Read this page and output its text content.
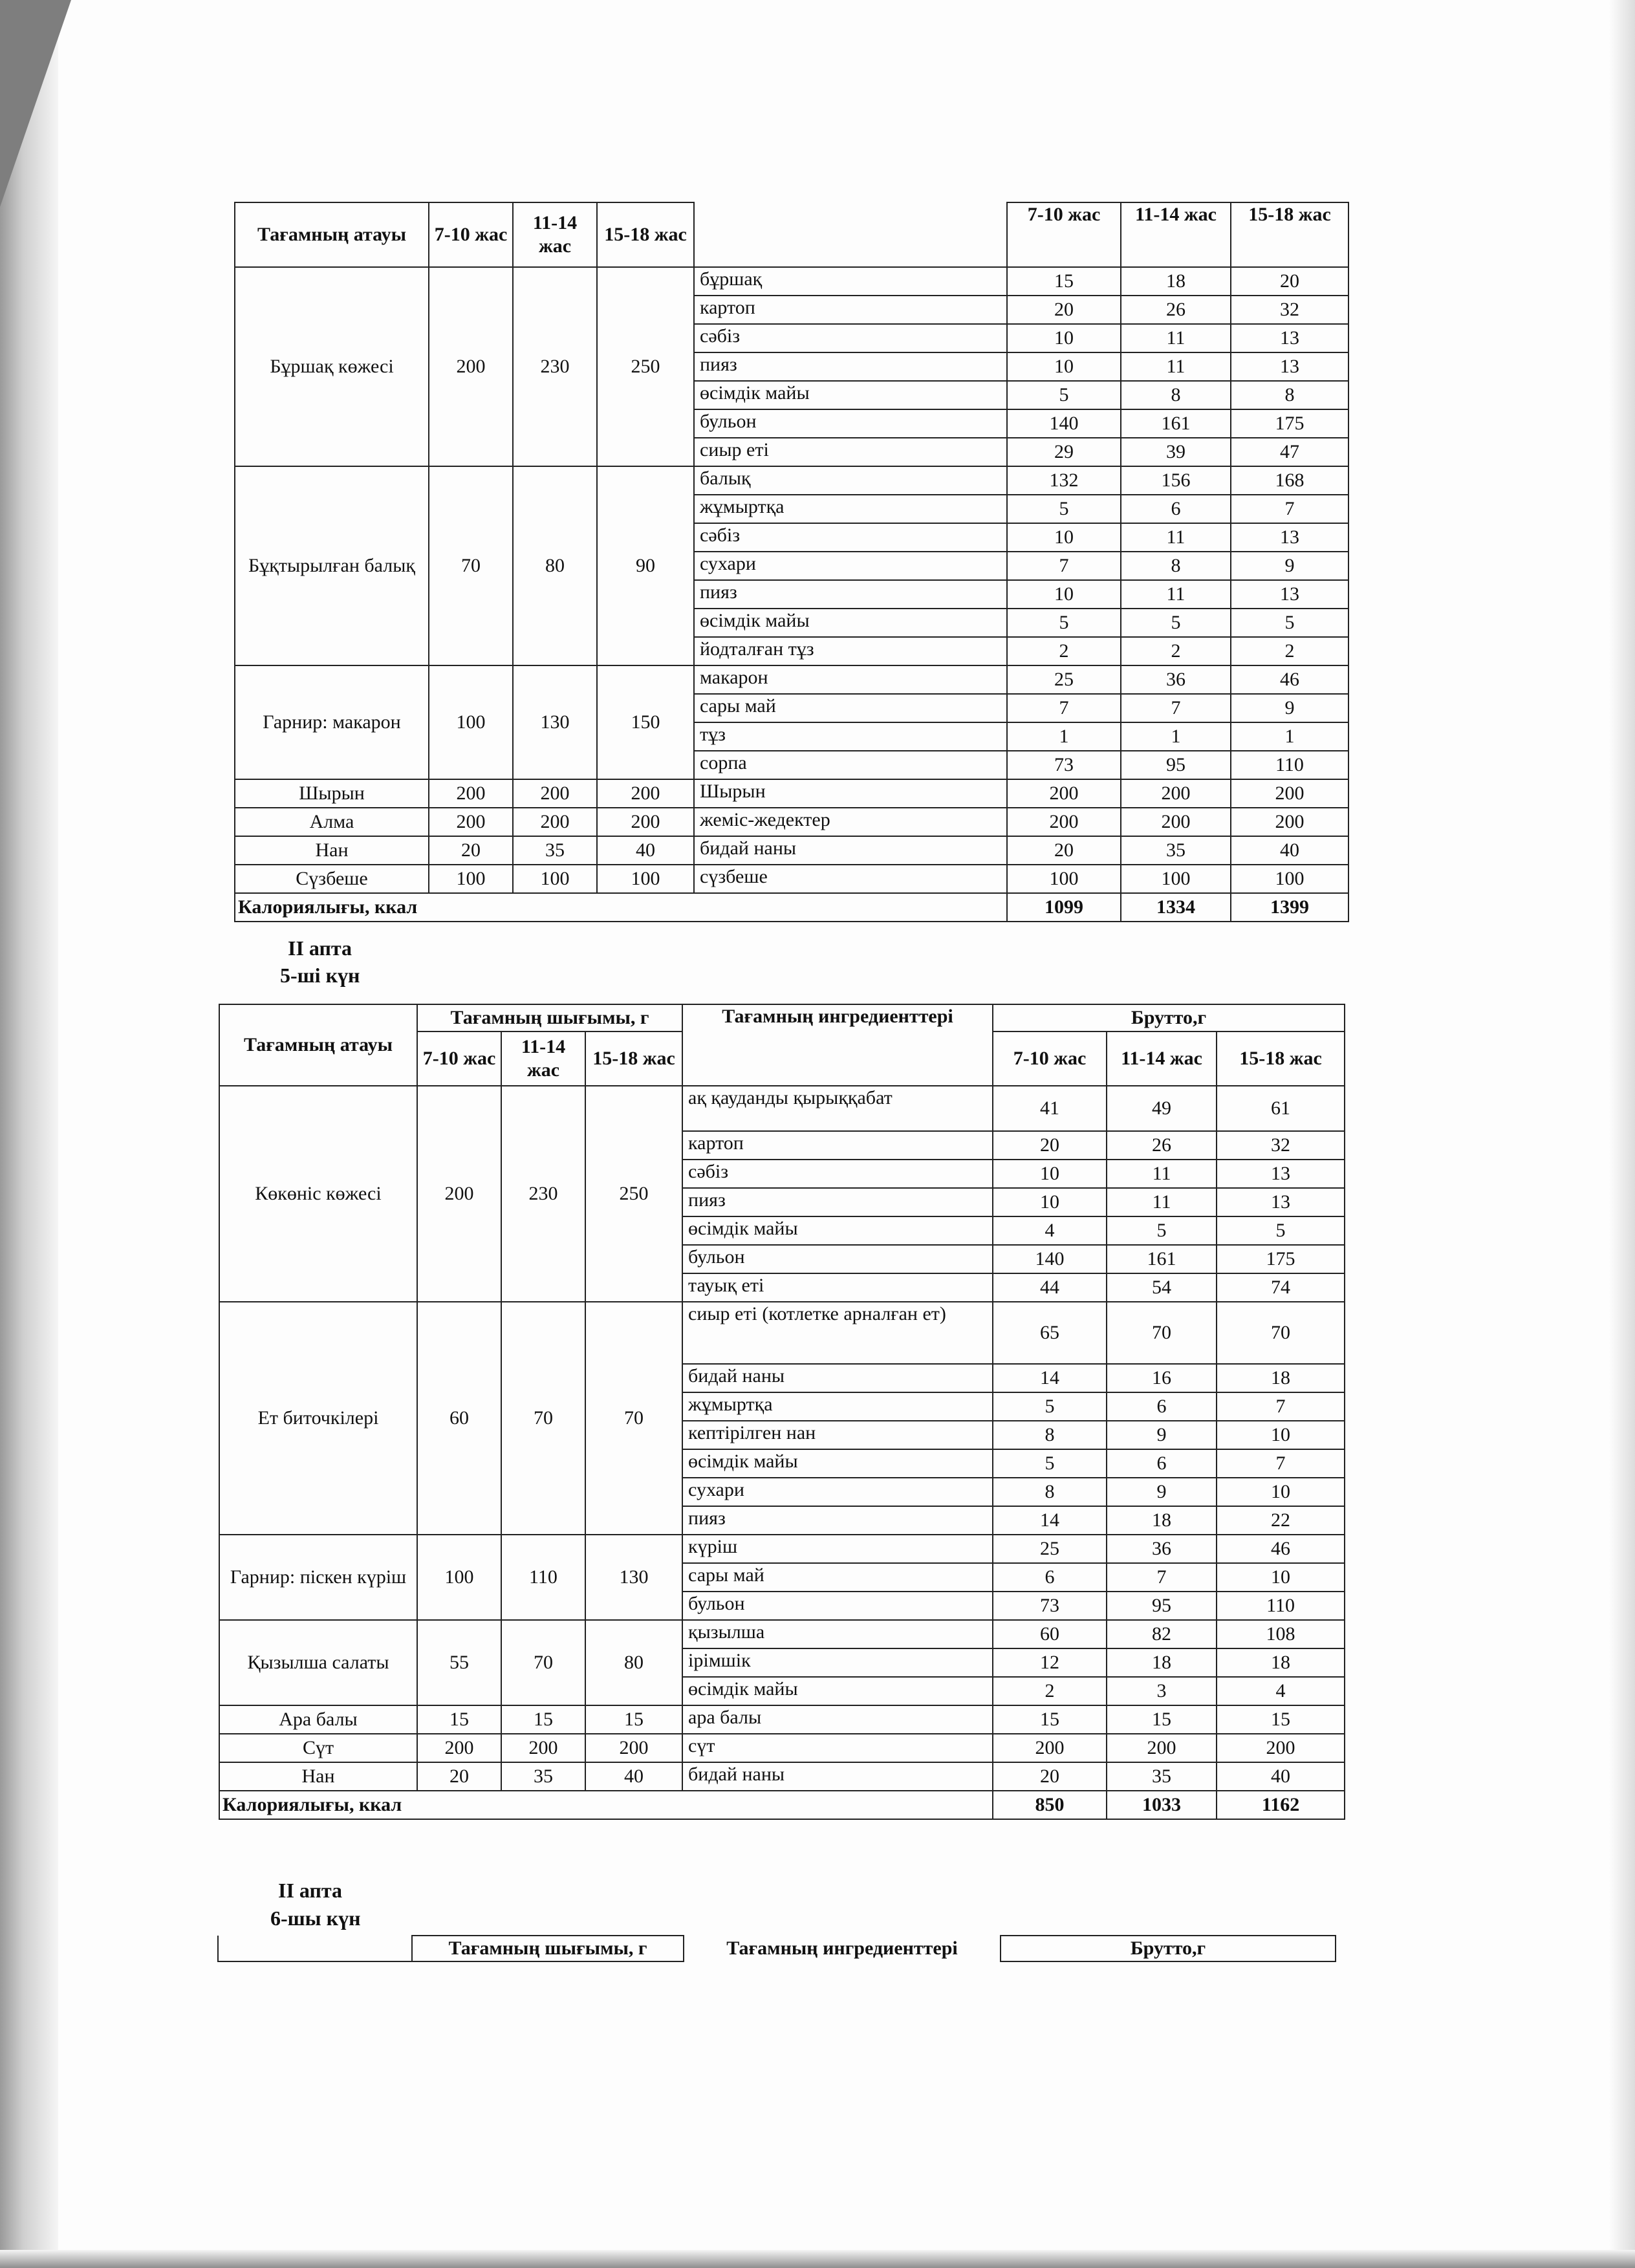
Тағамның атауы	7-10 жас	11-14 жас	15-18 жас		7-10 жас	11-14 жас	15-18 жас
Бұршақ көжесі	200	230	250	бұршақ	15	18	20
				картоп	20	26	32
				сәбіз	10	11	13
				пияз	10	11	13
				өсімдік майы	5	8	8
				бульон	140	161	175
				сиыр еті	29	39	47
Бұқтырылған балық	70	80	90	балық	132	156	168
				жұмыртқа	5	6	7
				сәбіз	10	11	13
				сухари	7	8	9
				пияз	10	11	13
				өсімдік майы	5	5	5
				йодталған тұз	2	2	2
Гарнир: макарон	100	130	150	макарон	25	36	46
				сары май	7	7	9
				тұз	1	1	1
				сорпа	73	95	110
Шырын	200	200	200	Шырын	200	200	200
Алма	200	200	200	жеміс-жедектер	200	200	200
Нан	20	35	40	бидай наны	20	35	40
Сүзбеше	100	100	100	сүзбеше	100	100	100
Калориялығы, ккал					1099	1334	1399
II апта
5-ші күн
Тағамның атауы	Тағамның шығымы, г			Тағамның ингредиенттері	Брутто,г		
	7-10 жас	11-14 жас	15-18 жас		7-10 жас	11-14 жас	15-18 жас
Көкөніс көжесі	200	230	250	ақ қауданды қырыққабат	41	49	61
				картоп	20	26	32
				сәбіз	10	11	13
				пияз	10	11	13
				өсімдік майы	4	5	5
				бульон	140	161	175
				тауық еті	44	54	74
Ет биточкілері	60	70	70	сиыр еті (котлетке арналған ет)	65	70	70
				бидай наны	14	16	18
				жұмыртқа	5	6	7
				кептірілген нан	8	9	10
				өсімдік майы	5	6	7
				сухари	8	9	10
				пияз	14	18	22
Гарнир: піскен күріш	100	110	130	күріш	25	36	46
				сары май	6	7	10
				бульон	73	95	110
Қызылша салаты	55	70	80	қызылша	60	82	108
				ірімшік	12	18	18
				өсімдік майы	2	3	4
Ара балы	15	15	15	ара балы	15	15	15
Сүт	200	200	200	сүт	200	200	200
Нан	20	35	40	бидай наны	20	35	40
Калориялығы, ккал					850	1033	1162
II апта
6-шы күн
	Тағамның шығымы, г	Тағамның ингредиенттері	Брутто,г
